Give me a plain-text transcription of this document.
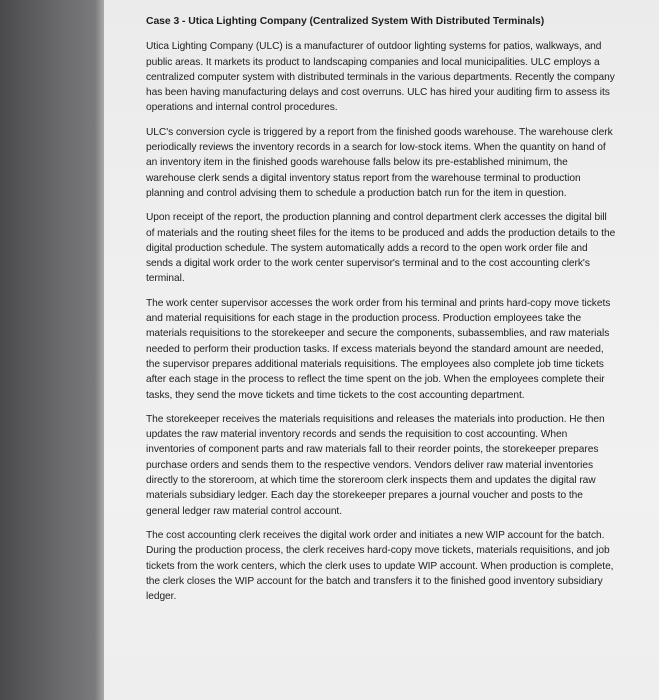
Case 3 - Utica Lighting Company (Centralized System With Distributed Terminals)

Utica Lighting Company (ULC) is a manufacturer of outdoor lighting systems for patios, walkways, and public areas. It markets its product to landscaping companies and local municipalities. ULC employs a centralized computer system with distributed terminals in the various departments. Recently the company has been having manufacturing delays and cost overruns. ULC has hired your auditing firm to assess its operations and internal control procedures.

ULC's conversion cycle is triggered by a report from the finished goods warehouse. The warehouse clerk periodically reviews the inventory records in a search for low-stock items. When the quantity on hand of an inventory item in the finished goods warehouse falls below its pre-established minimum, the warehouse clerk sends a digital inventory status report from the warehouse terminal to production planning and control advising them to schedule a production batch run for the item in question.

Upon receipt of the report, the production planning and control department clerk accesses the digital bill of materials and the routing sheet files for the items to be produced and adds the production details to the digital production schedule. The system automatically adds a record to the open work order file and sends a digital work order to the work center supervisor's terminal and to the cost accounting clerk's terminal.

The work center supervisor accesses the work order from his terminal and prints hard-copy move tickets and material requisitions for each stage in the production process. Production employees take the materials requisitions to the storekeeper and secure the components, subassemblies, and raw materials needed to perform their production tasks. If excess materials beyond the standard amount are needed, the supervisor prepares additional materials requisitions. The employees also complete job time tickets after each stage in the process to reflect the time spent on the job. When the employees complete their tasks, they send the move tickets and time tickets to the cost accounting department.

The storekeeper receives the materials requisitions and releases the materials into production. He then updates the raw material inventory records and sends the requisition to cost accounting. When inventories of component parts and raw materials fall to their reorder points, the storekeeper prepares purchase orders and sends them to the respective vendors. Vendors deliver raw material inventories directly to the storeroom, at which time the storeroom clerk inspects them and updates the digital raw materials subsidiary ledger. Each day the storekeeper prepares a journal voucher and posts to the general ledger raw material control account.

The cost accounting clerk receives the digital work order and initiates a new WIP account for the batch. During the production process, the clerk receives hard-copy move tickets, materials requisitions, and job tickets from the work centers, which the clerk uses to update WIP account. When production is complete, the clerk closes the WIP account for the batch and transfers it to the finished good inventory subsidiary ledger.
